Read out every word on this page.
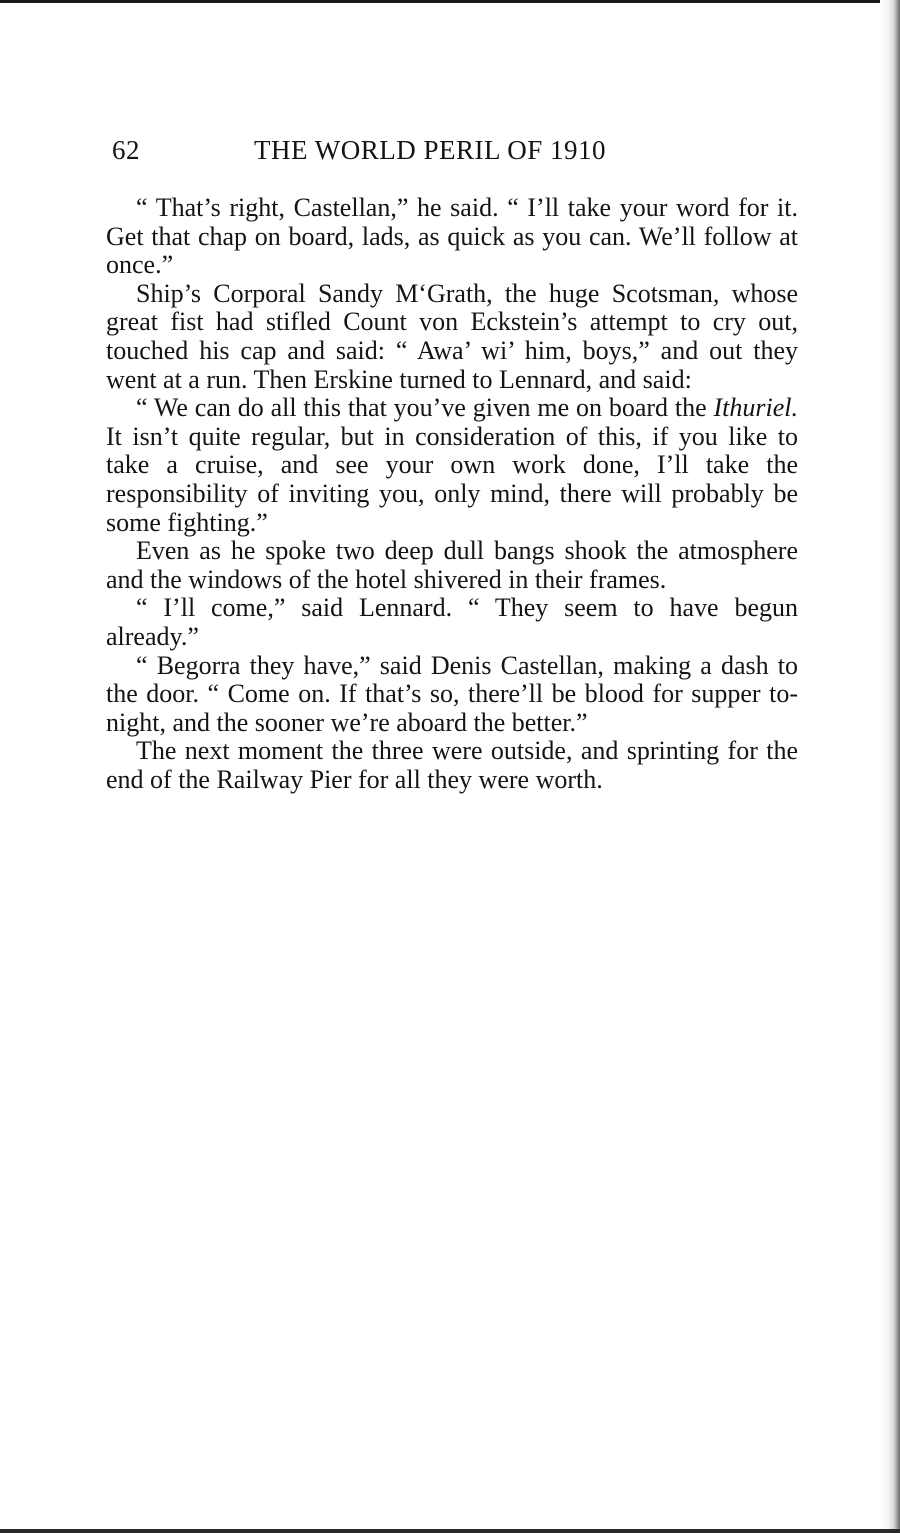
62	THE WORLD PERIL OF 1910

“ That’s right, Castellan,” he said. “ I’ll take your word for it. Get that chap on board, lads, as quick as you can. We’ll follow at once.”

Ship’s Corporal Sandy M‘Grath, the huge Scotsman, whose great fist had stifled Count von Eckstein’s attempt to cry out, touched his cap and said: “ Awa’ wi’ him, boys,” and out they went at a run. Then Erskine turned to Lennard, and said:

“ We can do all this that you’ve given me on board the Ithuriel. It isn’t quite regular, but in consideration of this, if you like to take a cruise, and see your own work done, I’ll take the responsibility of inviting you, only mind, there will probably be some fighting.”

Even as he spoke two deep dull bangs shook the atmosphere and the windows of the hotel shivered in their frames.

“ I’ll come,” said Lennard. “ They seem to have begun already.”

“ Begorra they have,” said Denis Castellan, making a dash to the door. “ Come on. If that’s so, there’ll be blood for supper to-night, and the sooner we’re aboard the better.”

The next moment the three were outside, and sprinting for the end of the Railway Pier for all they were worth.
